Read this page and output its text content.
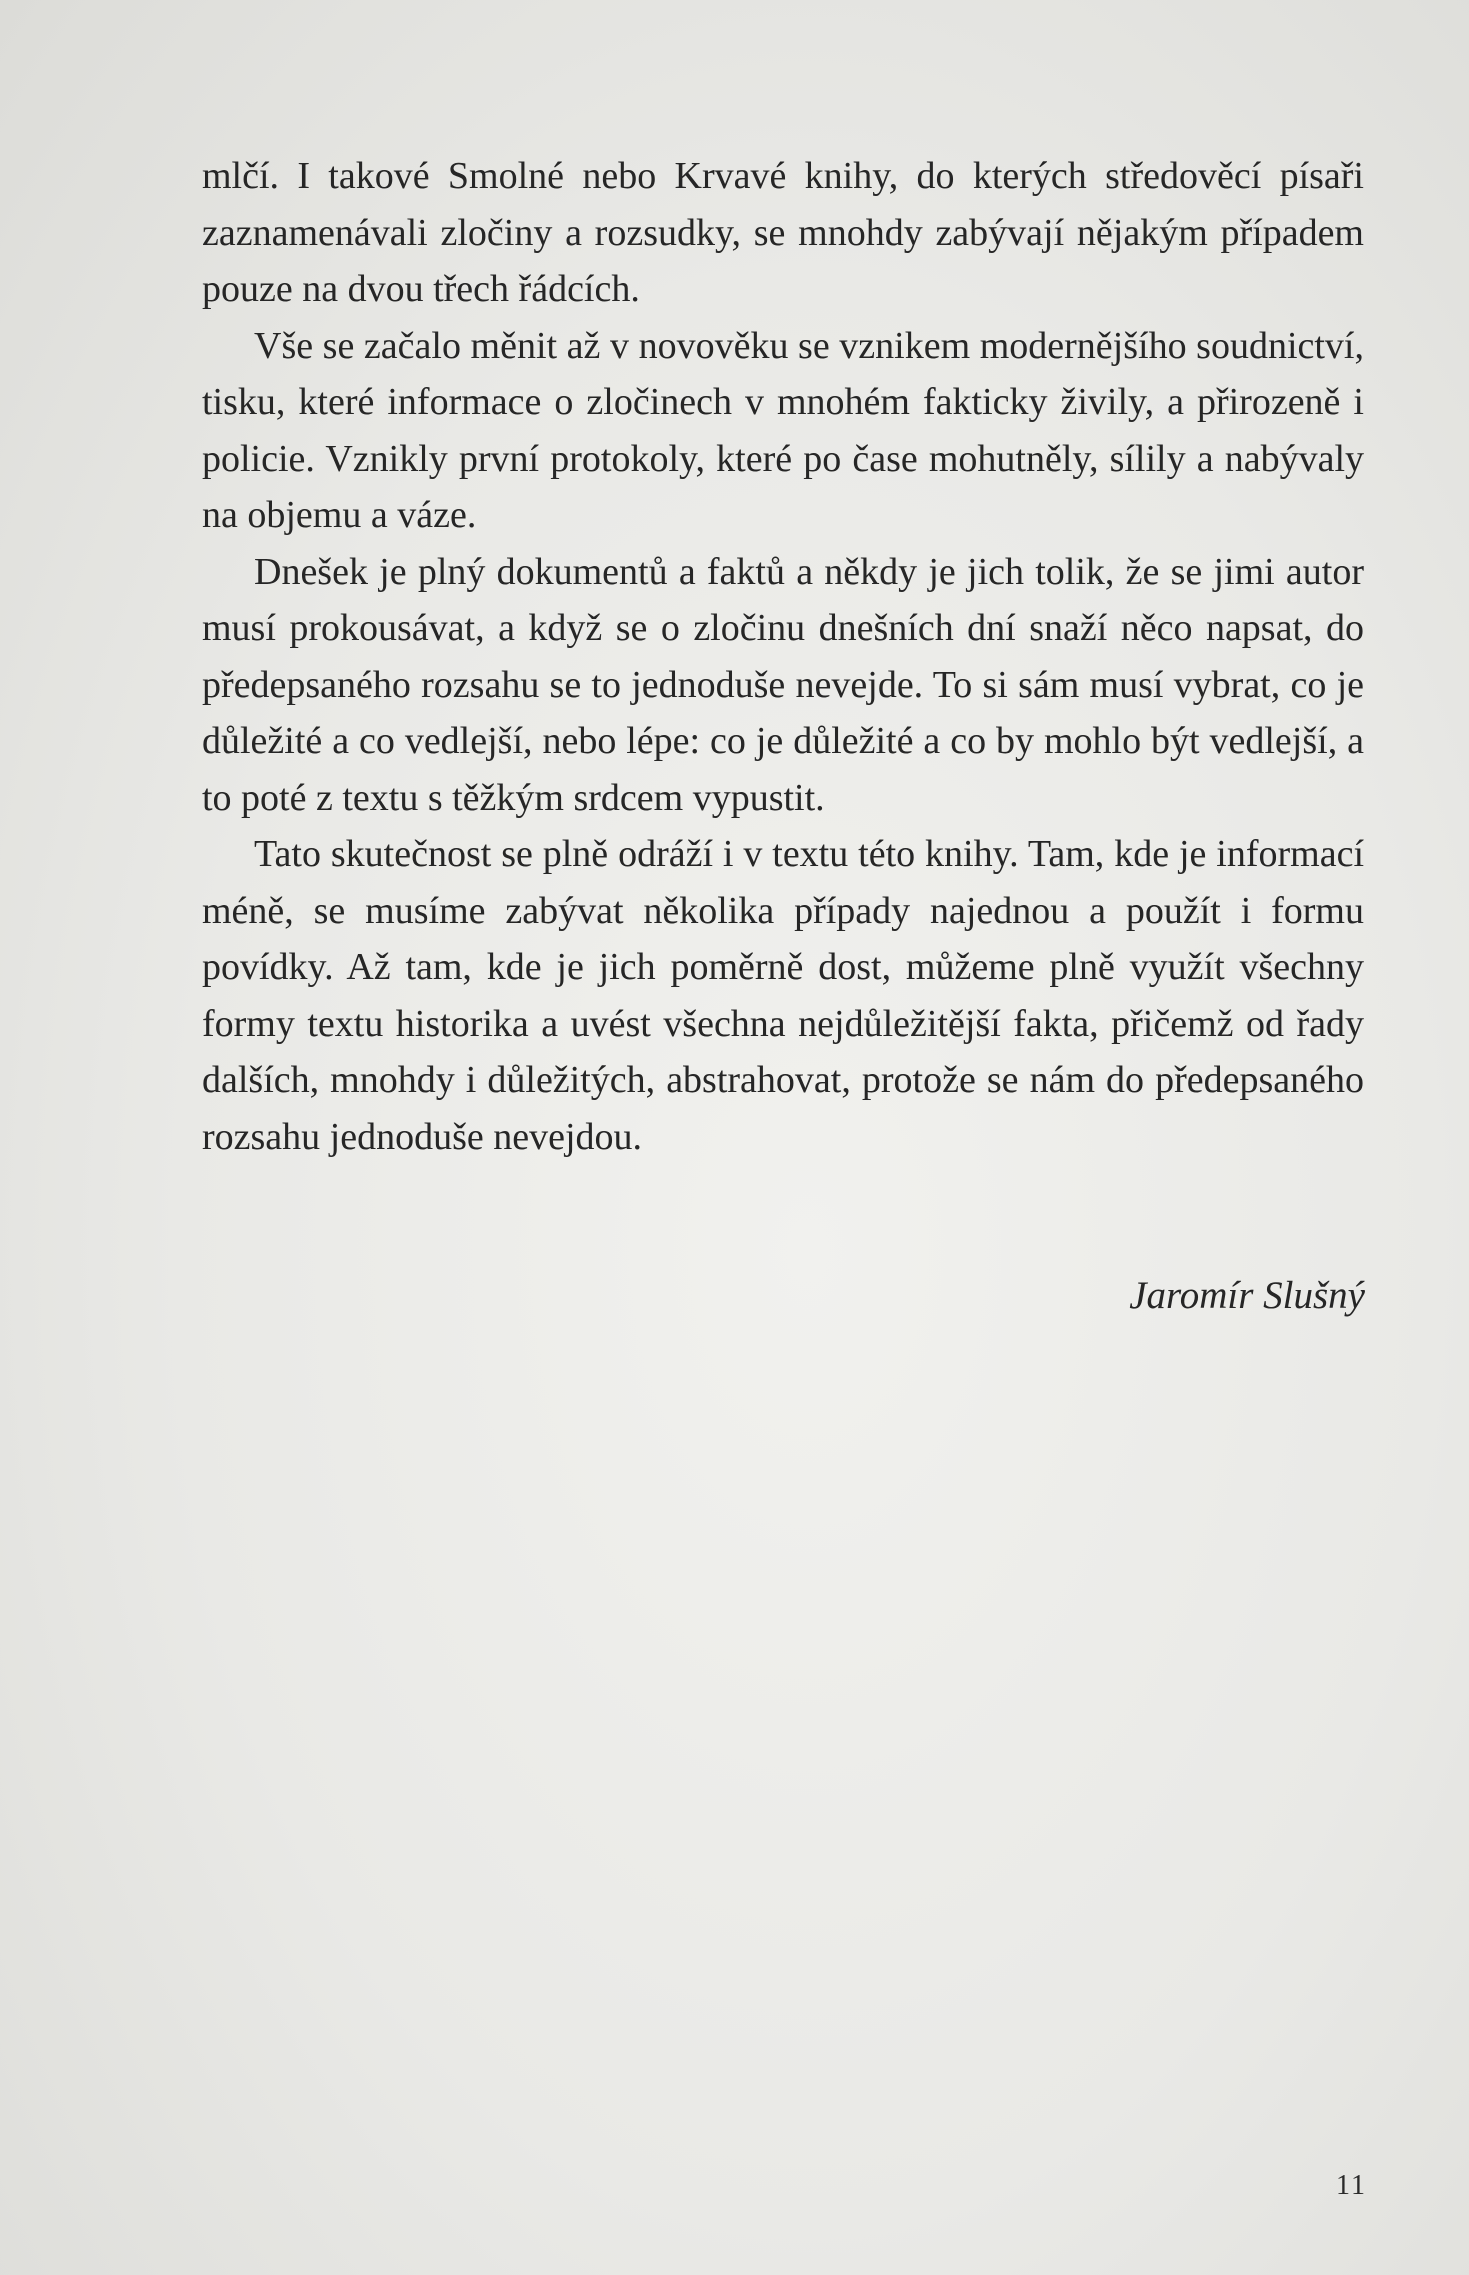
mlčí. I takové Smolné nebo Krvavé knihy, do kterých středověcí písaři zaznamenávali zločiny a rozsudky, se mnohdy zabývají nějakým případem pouze na dvou třech řádcích.

Vše se začalo měnit až v novověku se vznikem modernějšího soudnictví, tisku, které informace o zločinech v mnohém fakticky živily, a přirozeně i policie. Vznikly první protokoly, které po čase mohutněly, sílily a nabývaly na objemu a váze.

Dnešek je plný dokumentů a faktů a někdy je jich tolik, že se jimi autor musí prokousávat, a když se o zločinu dnešních dní snaží něco napsat, do předepsaného rozsahu se to jednoduše nevejde. To si sám musí vybrat, co je důležité a co vedlejší, nebo lépe: co je důležité a co by mohlo být vedlejší, a to poté z textu s těžkým srdcem vypustit.

Tato skutečnost se plně odráží i v textu této knihy. Tam, kde je informací méně, se musíme zabývat několika případy najednou a použít i formu povídky. Až tam, kde je jich poměrně dost, můžeme plně využít všechny formy textu historika a uvést všechna nejdůležitější fakta, přičemž od řady dalších, mnohdy i důležitých, abstrahovat, protože se nám do předepsaného rozsahu jednoduše nevejdou.

Jaromír Slušný
11
